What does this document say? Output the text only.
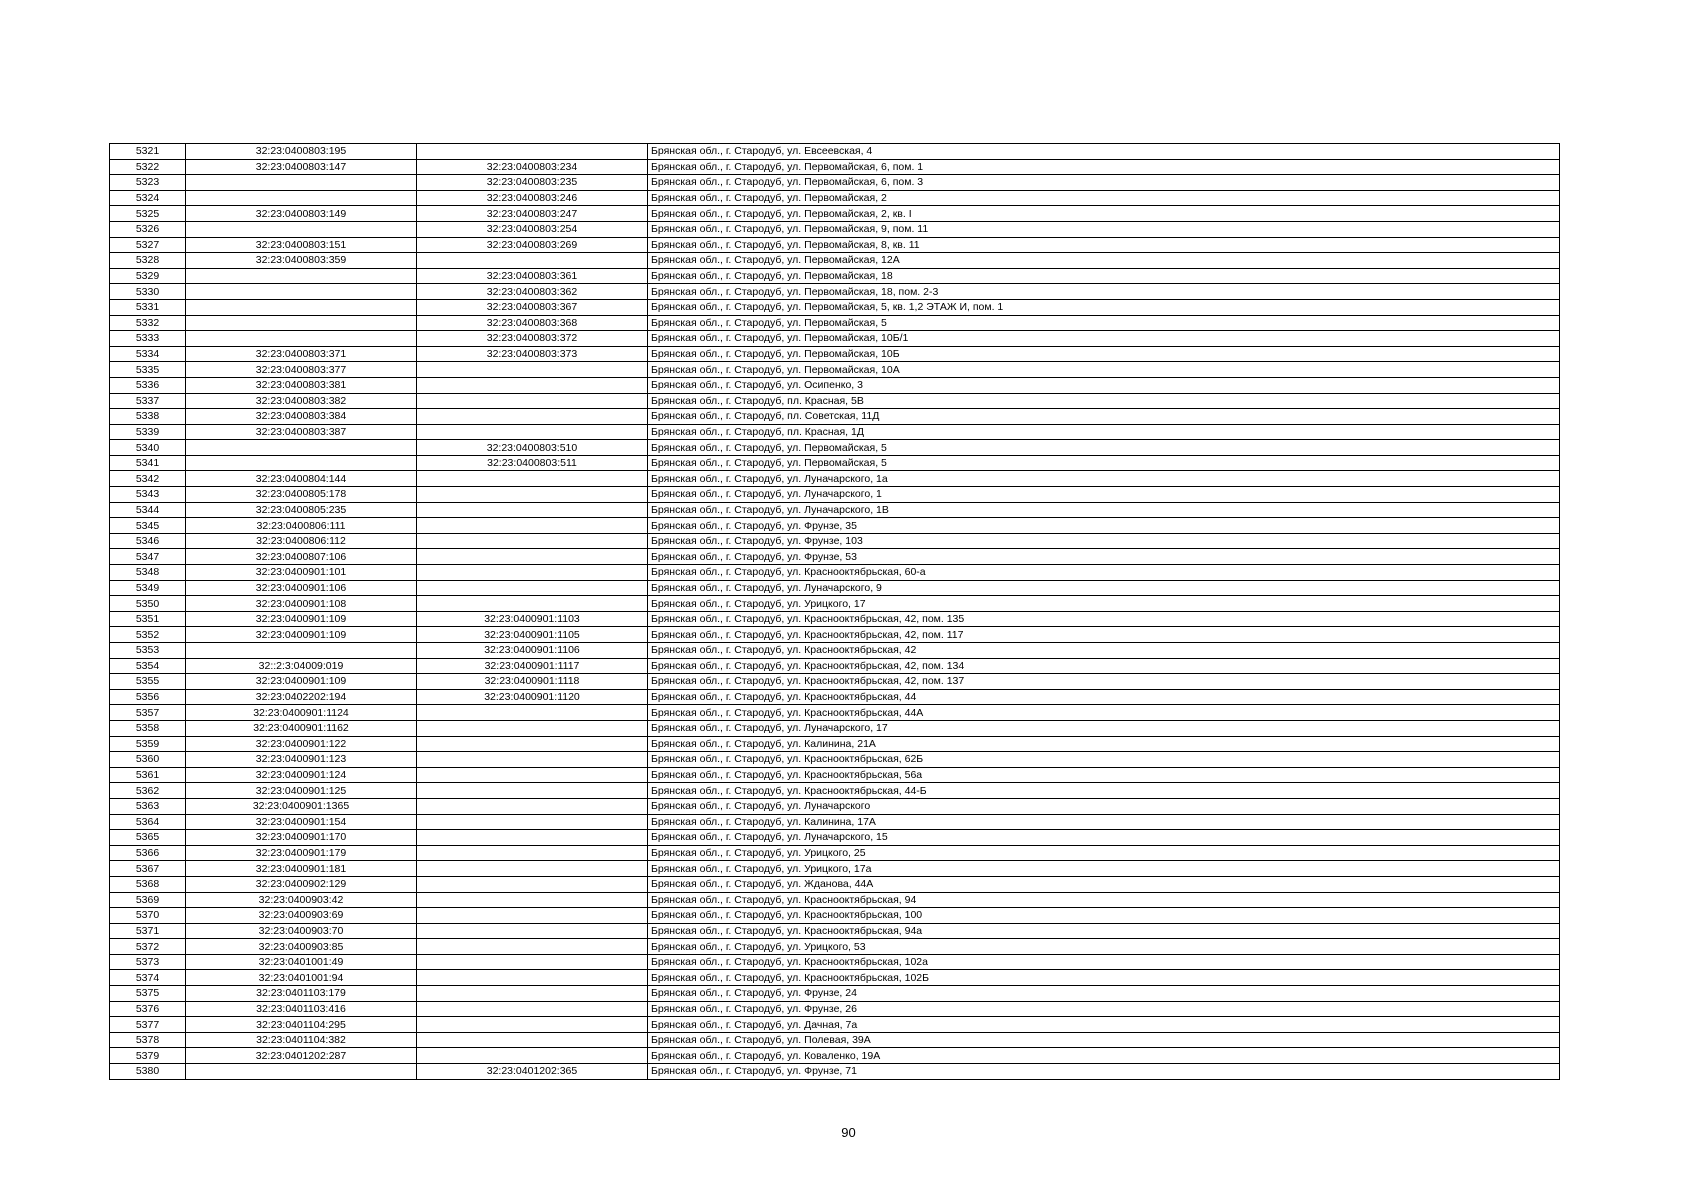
5321	32:23:0400803:195		Брянская обл., г. Стародуб, ул. Евсеевская, 4
5322	32:23:0400803:147	32:23:0400803:234	Брянская обл., г. Стародуб, ул. Первомайская, 6, пом. 1
5323		32:23:0400803:235	Брянская обл., г. Стародуб, ул. Первомайская, 6, пом. 3
5324		32:23:0400803:246	Брянская обл., г. Стародуб, ул. Первомайская, 2
5325	32:23:0400803:149	32:23:0400803:247	Брянская обл., г. Стародуб, ул. Первомайская, 2, кв. I
5326		32:23:0400803:254	Брянская обл., г. Стародуб, ул. Первомайская, 9, пом. 11
5327	32:23:0400803:151	32:23:0400803:269	Брянская обл., г. Стародуб, ул. Первомайская, 8, кв. 11
5328	32:23:0400803:359		Брянская обл., г. Стародуб, ул. Первомайская, 12А
5329		32:23:0400803:361	Брянская обл., г. Стародуб, ул. Первомайская, 18
5330		32:23:0400803:362	Брянская обл., г. Стародуб, ул. Первомайская, 18, пом. 2-3
5331		32:23:0400803:367	Брянская обл., г. Стародуб, ул. Первомайская, 5, кв. 1,2 ЭТАЖ И, пом. 1
5332		32:23:0400803:368	Брянская обл., г. Стародуб, ул. Первомайская, 5
5333		32:23:0400803:372	Брянская обл., г. Стародуб, ул. Первомайская, 10Б/1
5334	32:23:0400803:371	32:23:0400803:373	Брянская обл., г. Стародуб, ул. Первомайская, 10Б
5335	32:23:0400803:377		Брянская обл., г. Стародуб, ул. Первомайская, 10А
5336	32:23:0400803:381		Брянская обл., г. Стародуб, ул. Осипенко, 3
5337	32:23:0400803:382		Брянская обл., г. Стародуб, пл. Красная, 5В
5338	32:23:0400803:384		Брянская обл., г. Стародуб, пл. Советская, 11Д
5339	32:23:0400803:387		Брянская обл., г. Стародуб, пл. Красная, 1Д
5340		32:23:0400803:510	Брянская обл., г. Стародуб, ул. Первомайская, 5
5341		32:23:0400803:511	Брянская обл., г. Стародуб, ул. Первомайская, 5
5342	32:23:0400804:144		Брянская обл., г. Стародуб, ул. Луначарского, 1а
5343	32:23:0400805:178		Брянская обл., г. Стародуб, ул. Луначарского, 1
5344	32:23:0400805:235		Брянская обл., г. Стародуб, ул. Луначарского, 1В
5345	32:23:0400806:111		Брянская обл., г. Стародуб, ул. Фрунзе, 35
5346	32:23:0400806:112		Брянская обл., г. Стародуб, ул. Фрунзе, 103
5347	32:23:0400807:106		Брянская обл., г. Стародуб, ул. Фрунзе, 53
5348	32:23:0400901:101		Брянская обл., г. Стародуб, ул. Краснооктябрьская, 60-а
5349	32:23:0400901:106		Брянская обл., г. Стародуб, ул. Луначарского, 9
5350	32:23:0400901:108		Брянская обл., г. Стародуб, ул. Урицкого, 17
5351	32:23:0400901:109	32:23:0400901:1103	Брянская обл., г. Стародуб, ул. Краснооктябрьская, 42, пом. 135
5352	32:23:0400901:109	32:23:0400901:1105	Брянская обл., г. Стародуб, ул. Краснооктябрьская, 42, пом. 117
5353		32:23:0400901:1106	Брянская обл., г. Стародуб, ул. Краснооктябрьская, 42
5354	32::2:3:04009:019	32:23:0400901:1117	Брянская обл., г. Стародуб, ул. Краснооктябрьская, 42, пом. 134
5355	32:23:0400901:109	32:23:0400901:1118	Брянская обл., г. Стародуб, ул. Краснооктябрьская, 42, пом. 137
5356	32:23:0402202:194	32:23:0400901:1120	Брянская обл., г. Стародуб, ул. Краснооктябрьская, 44
5357	32:23:0400901:1124		Брянская обл., г. Стародуб, ул. Краснооктябрьская, 44А
5358	32:23:0400901:1162		Брянская обл., г. Стародуб, ул. Луначарского, 17
5359	32:23:0400901:122		Брянская обл., г. Стародуб, ул. Калинина, 21А
5360	32:23:0400901:123		Брянская обл., г. Стародуб, ул. Краснооктябрьская, 62Б
5361	32:23:0400901:124		Брянская обл., г. Стародуб, ул. Краснооктябрьская, 56а
5362	32:23:0400901:125		Брянская обл., г. Стародуб, ул. Краснооктябрьская, 44-Б
5363	32:23:0400901:1365		Брянская обл., г. Стародуб, ул. Луначарского
5364	32:23:0400901:154		Брянская обл., г. Стародуб, ул. Калинина, 17А
5365	32:23:0400901:170		Брянская обл., г. Стародуб, ул. Луначарского, 15
5366	32:23:0400901:179		Брянская обл., г. Стародуб, ул. Урицкого, 25
5367	32:23:0400901:181		Брянская обл., г. Стародуб, ул. Урицкого, 17а
5368	32:23:0400902:129		Брянская обл., г. Стародуб, ул. Жданова, 44А
5369	32:23:0400903:42		Брянская обл., г. Стародуб, ул. Краснооктябрьская, 94
5370	32:23:0400903:69		Брянская обл., г. Стародуб, ул. Краснооктябрьская, 100
5371	32:23:0400903:70		Брянская обл., г. Стародуб, ул. Краснооктябрьская, 94а
5372	32:23:0400903:85		Брянская обл., г. Стародуб, ул. Урицкого, 53
5373	32:23:0401001:49		Брянская обл., г. Стародуб, ул. Краснооктябрьская, 102а
5374	32:23:0401001:94		Брянская обл., г. Стародуб, ул. Краснооктябрьская, 102Б
5375	32:23:0401103:179		Брянская обл., г. Стародуб, ул. Фрунзе, 24
5376	32:23:0401103:416		Брянская обл., г. Стародуб, ул. Фрунзе, 26
5377	32:23:0401104:295		Брянская обл., г. Стародуб, ул. Дачная, 7а
5378	32:23:0401104:382		Брянская обл., г. Стародуб, ул. Полевая, 39А
5379	32:23:0401202:287		Брянская обл., г. Стародуб, ул. Коваленко, 19А
5380		32:23:0401202:365	Брянская обл., г. Стародуб, ул. Фрунзе, 71
90
